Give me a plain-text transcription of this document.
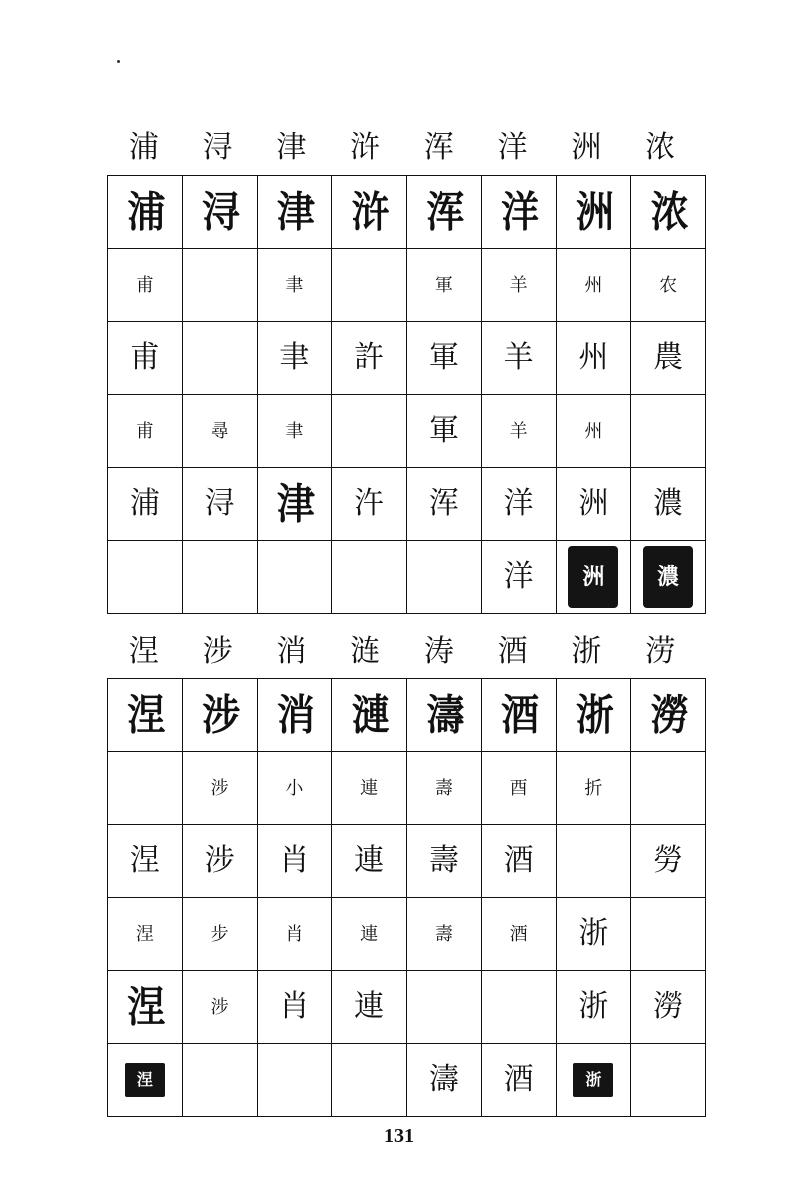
浦	浔	津	浒	浑	洋	洲	浓
浦	浔	津	浒	浑	洋	洲	浓
甫		聿		軍	羊	州	农
甫		聿	許	軍	羊	州	農
甫	尋	聿		軍	羊	州	
浦	浔	津	汻	浑	洋	洲	濃
					洋	洲	濃
涅	涉	消	涟	涛	酒	浙	涝
涅	涉	消	漣	濤	酒	浙	澇
	涉	小	連	壽	酉	折	
涅	涉	肖	連	壽	酒		勞
涅	步	肖	連	壽	酒	浙	
涅	涉	肖	連			浙	澇
涅				濤	酒	浙	
131
